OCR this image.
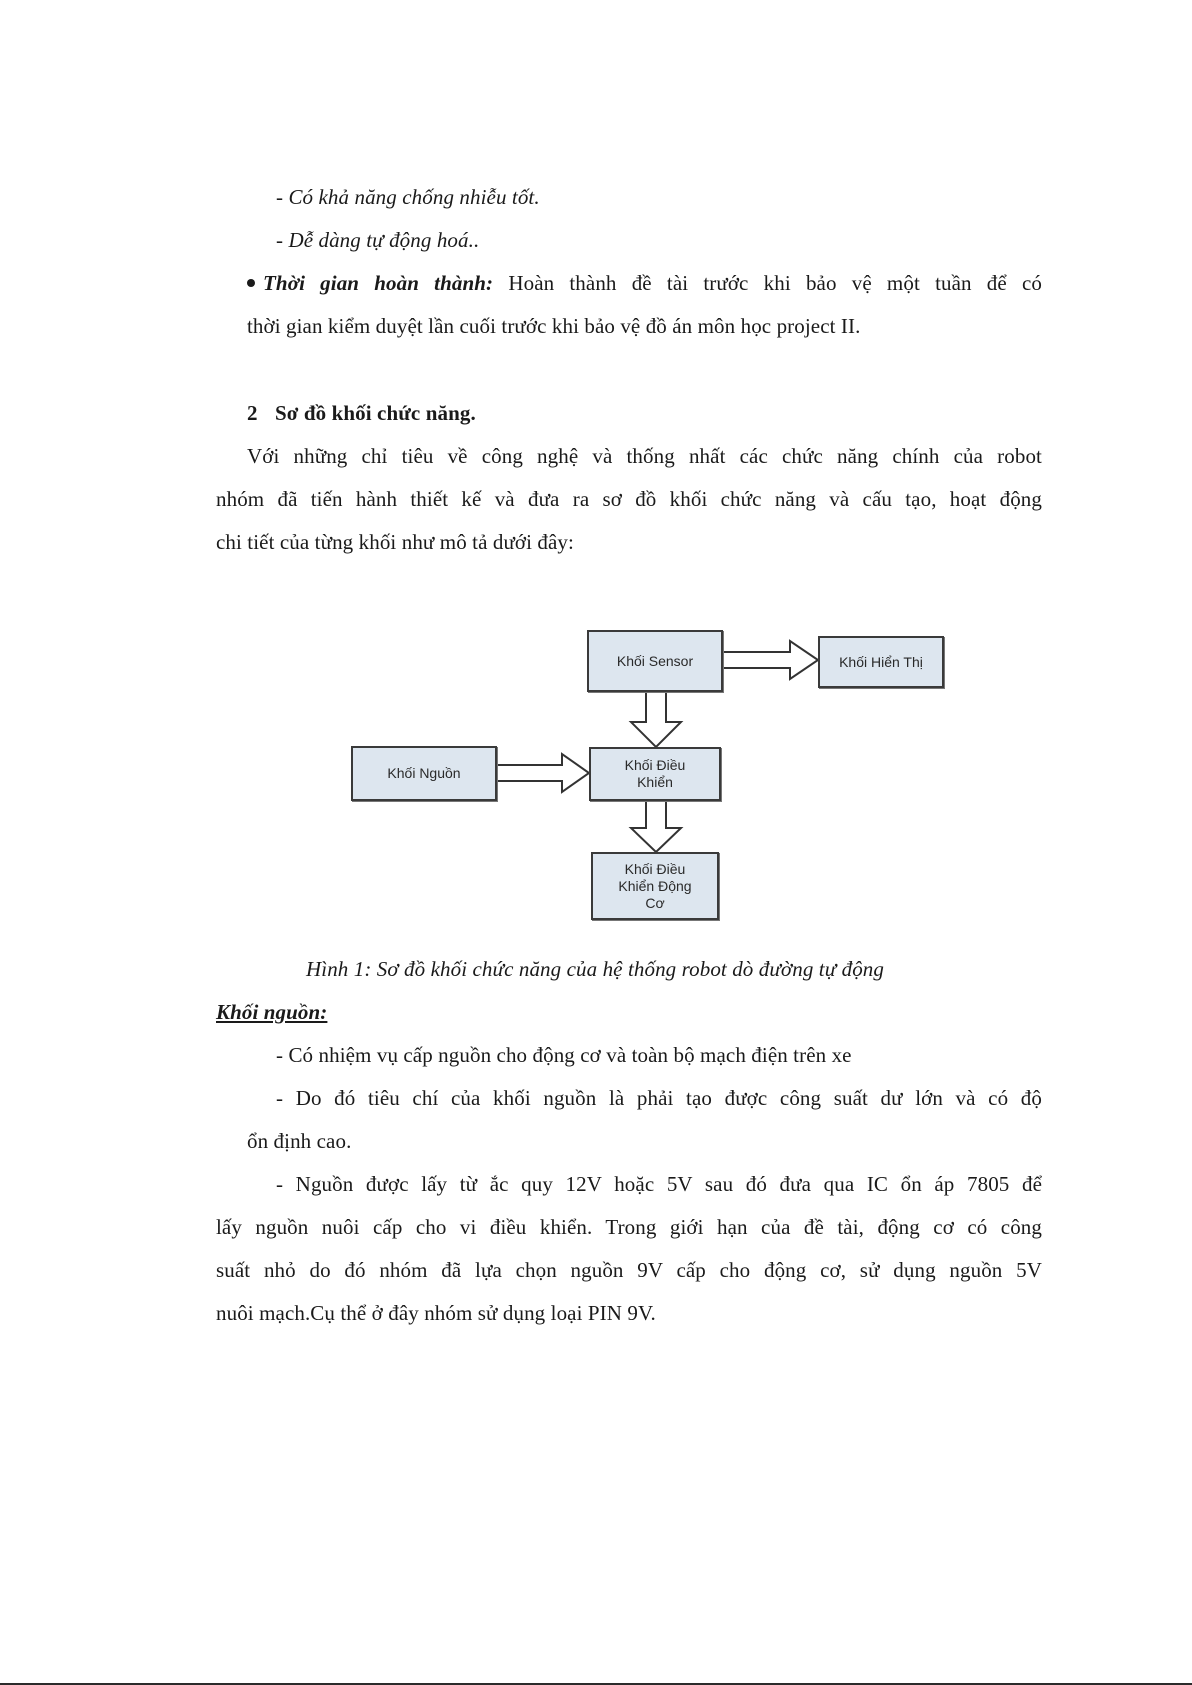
- Có khả năng chống nhiễu tốt.
- Dễ dàng tự động hoá..
Thời gian hoàn thành: Hoàn thành đề tài trước khi bảo vệ một tuần để có
thời gian kiểm duyệt lần cuối trước khi bảo vệ đồ án môn học project II.
2 Sơ đồ khối chức năng.
Với những chỉ tiêu về công nghệ và thống nhất các chức năng chính của robot
nhóm đã tiến hành thiết kế và đưa ra sơ đồ khối chức năng và cấu tạo, hoạt động
chi tiết của từng khối như mô tả dưới đây:
Khối Sensor	Khối Hiển Thị
Khối Nguồn	Khối Điều
Khiển
Khối Điều
Khiển Động
Cơ
Hình 1: Sơ đồ khối chức năng của hệ thống robot dò đường tự động
Khối nguồn:
- Có nhiệm vụ cấp nguồn cho động cơ và toàn bộ mạch điện trên xe
- Do đó tiêu chí của khối nguồn là phải tạo được công suất dư lớn và có độ
ổn định cao.
- Nguồn được lấy từ ắc quy 12V hoặc 5V sau đó đưa qua IC ổn áp 7805 để
lấy nguồn nuôi cấp cho vi điều khiển. Trong giới hạn của đề tài, động cơ có công
suất nhỏ do đó nhóm đã lựa chọn nguồn 9V cấp cho động cơ, sử dụng nguồn 5V
nuôi mạch.Cụ thể ở đây nhóm sử dụng loại PIN 9V.
